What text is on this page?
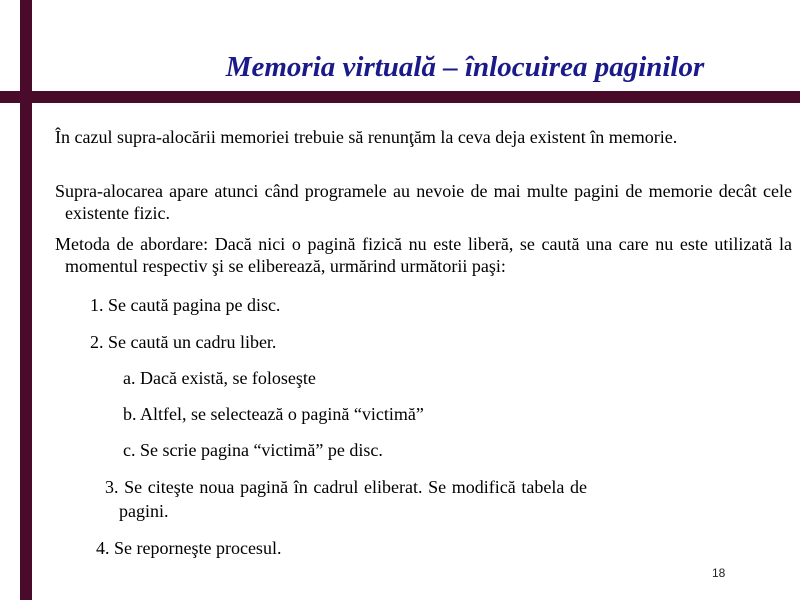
Memoria virtuală – înlocuirea paginilor
În cazul supra-alocării memoriei trebuie să renunţăm la ceva deja existent în memorie.
Supra-alocarea apare atunci când programele au nevoie de mai multe pagini de memorie decât cele existente fizic.
Metoda de abordare: Dacă nici o pagină fizică nu este liberă, se caută una care nu este utilizată la momentul respectiv şi se eliberează, urmărind următorii paşi:
1. Se caută pagina pe disc.
2. Se caută un cadru liber.
a. Dacă există, se foloseşte
b. Altfel, se selectează o pagină “victimă”
c. Se scrie pagina “victimă” pe disc.
3. Se citeşte noua pagină în cadrul eliberat. Se modifică tabela de pagini.
4. Se reporneşte procesul.
18
